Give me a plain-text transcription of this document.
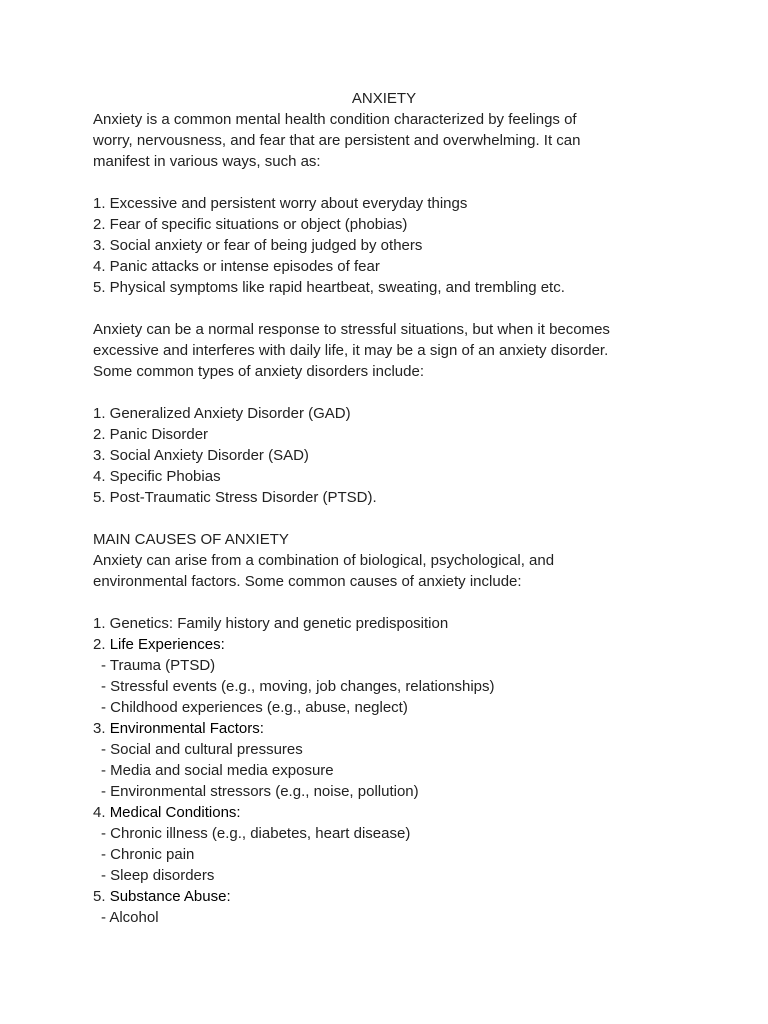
ANXIETY
Anxiety is a common mental health condition characterized by feelings of
worry, nervousness, and fear that are persistent and overwhelming. It can
manifest in various ways, such as:
1. Excessive and persistent worry about everyday things
2. Fear of specific situations or object (phobias)
3. Social anxiety or fear of being judged by others
4. Panic attacks or intense episodes of fear
5. Physical symptoms like rapid heartbeat, sweating, and trembling etc.
Anxiety can be a normal response to stressful situations, but when it becomes
excessive and interferes with daily life, it may be a sign of an anxiety disorder.
Some common types of anxiety disorders include:
1. Generalized Anxiety Disorder (GAD)
2. Panic Disorder
3. Social Anxiety Disorder (SAD)
4. Specific Phobias
5. Post-Traumatic Stress Disorder (PTSD).
MAIN CAUSES OF ANXIETY
Anxiety can arise from a combination of biological, psychological, and
environmental factors. Some common causes of anxiety include:
1. Genetics: Family history and genetic predisposition
2. Life Experiences:
- Trauma (PTSD)
- Stressful events (e.g., moving, job changes, relationships)
- Childhood experiences (e.g., abuse, neglect)
3. Environmental Factors:
- Social and cultural pressures
- Media and social media exposure
- Environmental stressors (e.g., noise, pollution)
4. Medical Conditions:
- Chronic illness (e.g., diabetes, heart disease)
- Chronic pain
- Sleep disorders
5. Substance Abuse:
- Alcohol
